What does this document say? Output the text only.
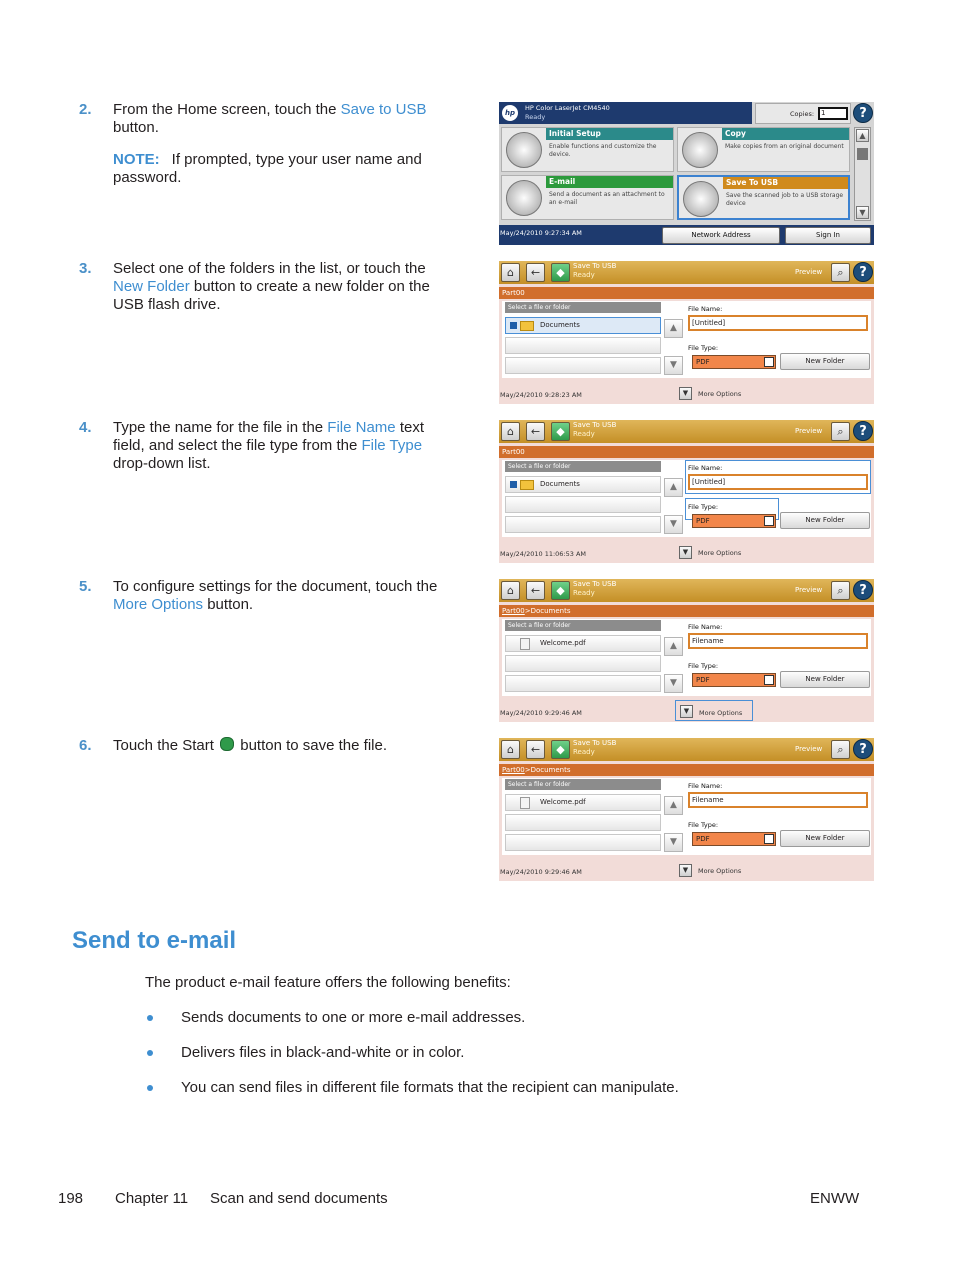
2. From the Home screen, touch the Save to USB button.
NOTE: If prompted, type your user name and password.
3. Select one of the folders in the list, or touch the New Folder button to create a new folder on the USB flash drive.
4. Type the name for the file in the File Name text field, and select the file type from the File Type drop-down list.
5. To configure settings for the document, touch the More Options button.
6. Touch the Start  button to save the file.
hp
HP Color LaserJet CM4540
Ready	Copies: 1	?
Initial Setup
Enable functions and customize the device.
Copy
Make copies from an original document
E-mail
Send a document as an attachment to an e-mail
Save To USB
Save the scanned job to a USB storage device
▲
▼
May/24/2010 9:27:34 AM	Network Address	Sign In
⌂	←	◆	Save To USB
Ready	Preview	⌕	?
Part00
Select a file or folder
Documents	▲
▼
File Name:
[Untitled]
File Type:
PDF	New Folder
May/24/2010 9:28:23 AM	▼	More Options
⌂	←	◆	Save To USB
Ready	Preview	⌕	?
Part00
Select a file or folder
Documents	▲
▼
File Name:
[Untitled]
File Type:
PDF	New Folder
May/24/2010 11:06:53 AM	▼	More Options
⌂	←	◆	Save To USB
Ready	Preview	⌕	?
Part00>Documents
Select a file or folder
Welcome.pdf	▲
▼
File Name:
Filename
File Type:
PDF	New Folder
May/24/2010 9:29:46 AM	▼	More Options
⌂	←	◆	Save To USB
Ready	Preview	⌕	?
Part00>Documents
Select a file or folder
Welcome.pdf	▲
▼
File Name:
Filename
File Type:
PDF	New Folder
May/24/2010 9:29:46 AM	▼	More Options
Send to e-mail
The product e-mail feature offers the following benefits:
Sends documents to one or more e-mail addresses.
Delivers files in black-and-white or in color.
You can send files in different file formats that the recipient can manipulate.
198 Chapter 11 Scan and send documents	ENWW
